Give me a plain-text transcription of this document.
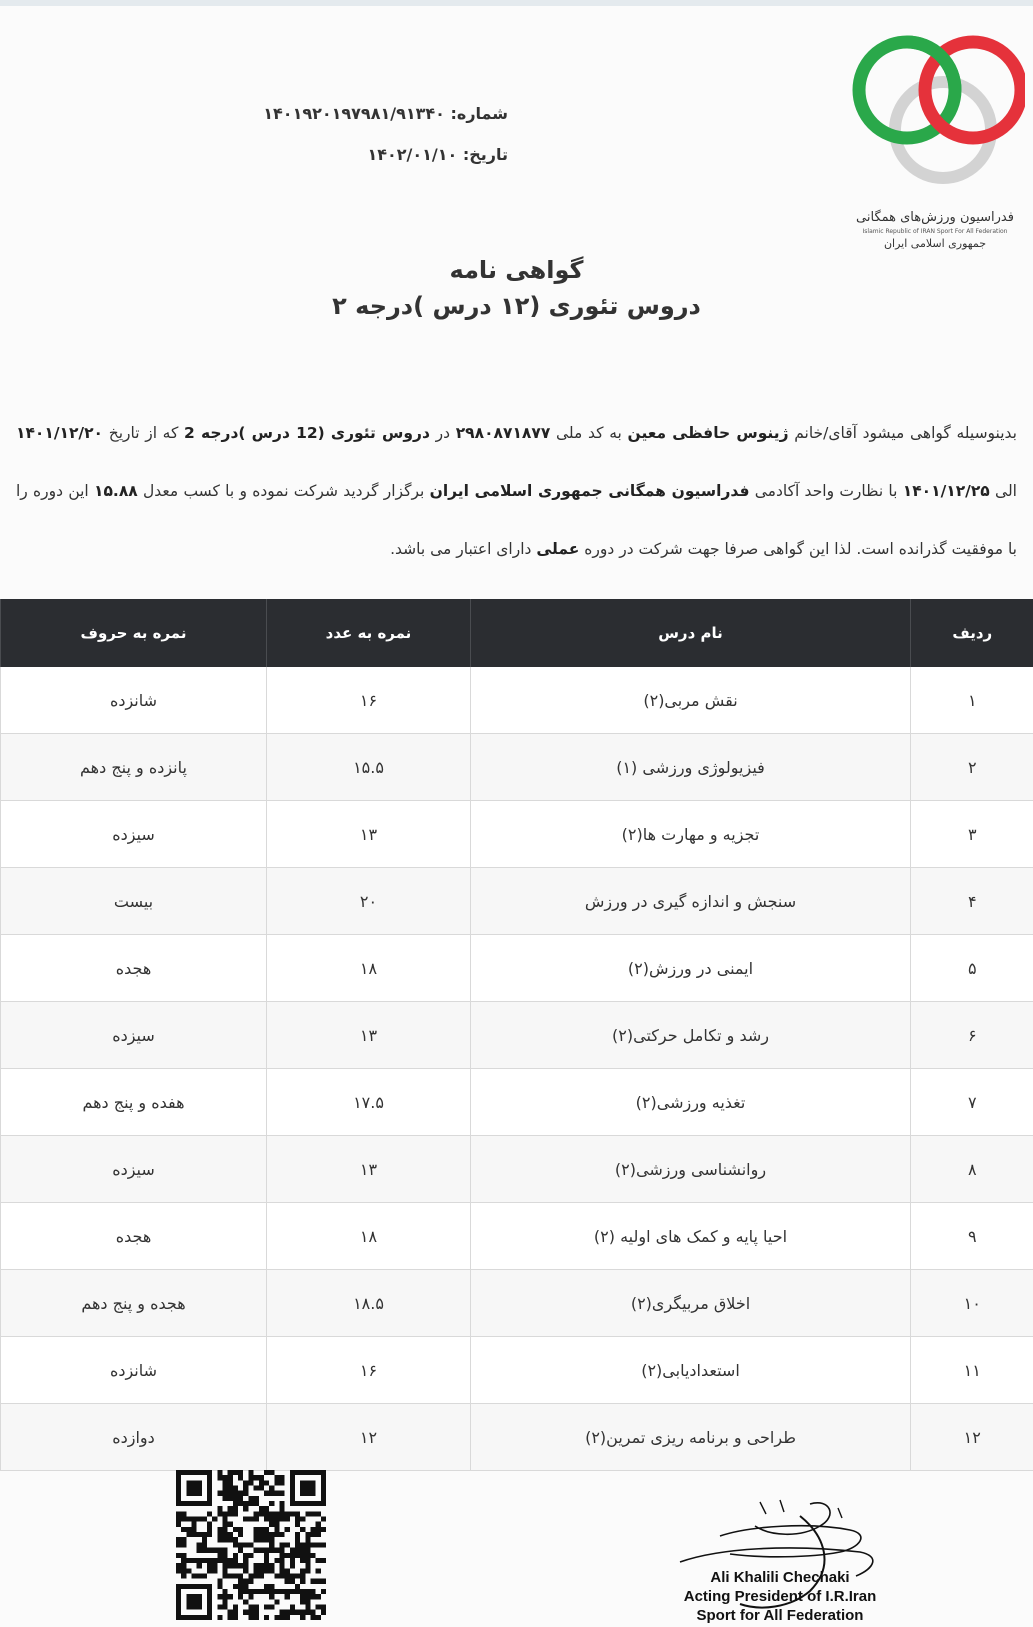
فدراسیون ورزش‌های همگانی
Islamic Republic of IRAN Sport For All Federation
جمهوری اسلامی ایران
شماره: ۱۴۰۱۹۲۰۱۹۷۹۸۱/۹۱۳۴۰
تاریخ: ۱۴۰۲/۰۱/۱۰
گواهی نامه
دروس تئوری (۱۲ درس )درجه ۲
بدینوسیله گواهی میشود آقای/خانم ژینوس حافظی معین به کد ملی ۲۹۸۰۸۷۱۸۷۷ در دروس تئوری (12 درس )درجه 2 که از تاریخ ۱۴۰۱/۱۲/۲۰ الی ۱۴۰۱/۱۲/۲۵ با نظارت واحد آکادمی فدراسیون همگانی جمهوری اسلامی ایران برگزار گردید شرکت نموده و با کسب معدل ۱۵.۸۸ این دوره را با موفقیت گذرانده است. لذا این گواهی صرفا جهت شرکت در دوره عملی دارای اعتبار می باشد.
ردیف	نام درس	نمره به عدد	نمره به حروف
۱	نقش مربی(۲)	۱۶	شانزده
۲	فیزیولوژی ورزشی (۱)	۱۵.۵	پانزده و پنج دهم
۳	تجزیه و مهارت ها(۲)	۱۳	سیزده
۴	سنجش و اندازه گیری در ورزش	۲۰	بیست
۵	ایمنی در ورزش(۲)	۱۸	هجده
۶	رشد و تکامل حرکتی(۲)	۱۳	سیزده
۷	تغذیه ورزشی(۲)	۱۷.۵	هفده و پنج دهم
۸	روانشناسی ورزشی(۲)	۱۳	سیزده
۹	احیا پایه و کمک های اولیه (۲)	۱۸	هجده
۱۰	اخلاق مربیگری(۲)	۱۸.۵	هجده و پنج دهم
۱۱	استعدادیابی(۲)	۱۶	شانزده
۱۲	طراحی و برنامه ریزی تمرین(۲)	۱۲	دوازده
Ali Khalili Chechaki
Acting President of I.R.Iran
Sport for All Federation
